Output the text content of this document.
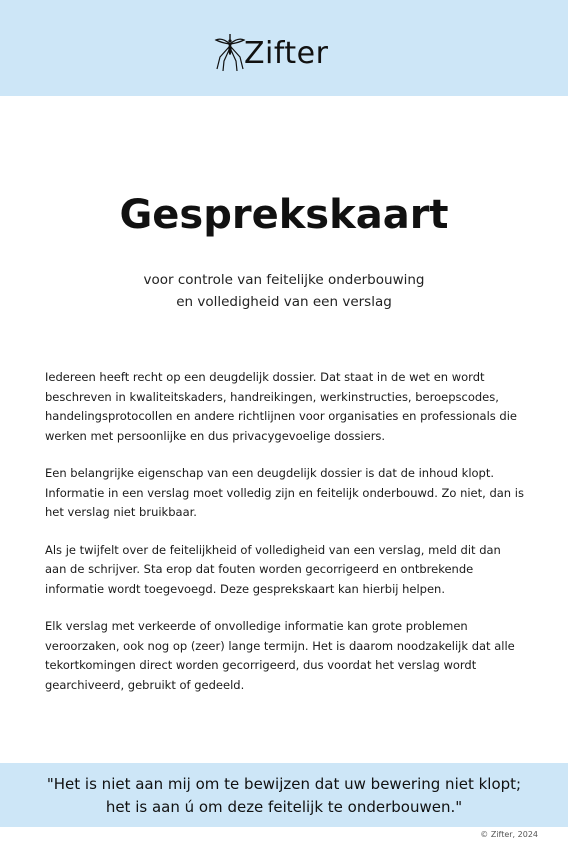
Zifter
Gesprekskaart

voor controle van feitelijke onderbouwing
en volledigheid van een verslag

Iedereen heeft recht op een deugdelijk dossier. Dat staat in de wet en wordt beschreven in kwaliteitskaders, handreikingen, werkinstructies, beroepscodes, handelingsprotocollen en andere richtlijnen voor organisaties en professionals die werken met persoonlijke en dus privacygevoelige dossiers.

Een belangrijke eigenschap van een deugdelijk dossier is dat de inhoud klopt. Informatie in een verslag moet volledig zijn en feitelijk onderbouwd. Zo niet, dan is het verslag niet bruikbaar.

Als je twijfelt over de feitelijkheid of volledigheid van een verslag, meld dit dan aan de schrijver. Sta erop dat fouten worden gecorrigeerd en ontbrekende informatie wordt toegevoegd. Deze gesprekskaart kan hierbij helpen.

Elk verslag met verkeerde of onvolledige informatie kan grote problemen veroorzaken, ook nog op (zeer) lange termijn. Het is daarom noodzakelijk dat alle tekortkomingen direct worden gecorrigeerd, dus voordat het verslag wordt gearchiveerd, gebruikt of gedeeld.

"Het is niet aan mij om te bewijzen dat uw bewering niet klopt;
het is aan ú om deze feitelijk te onderbouwen."

© Zifter, 2024
